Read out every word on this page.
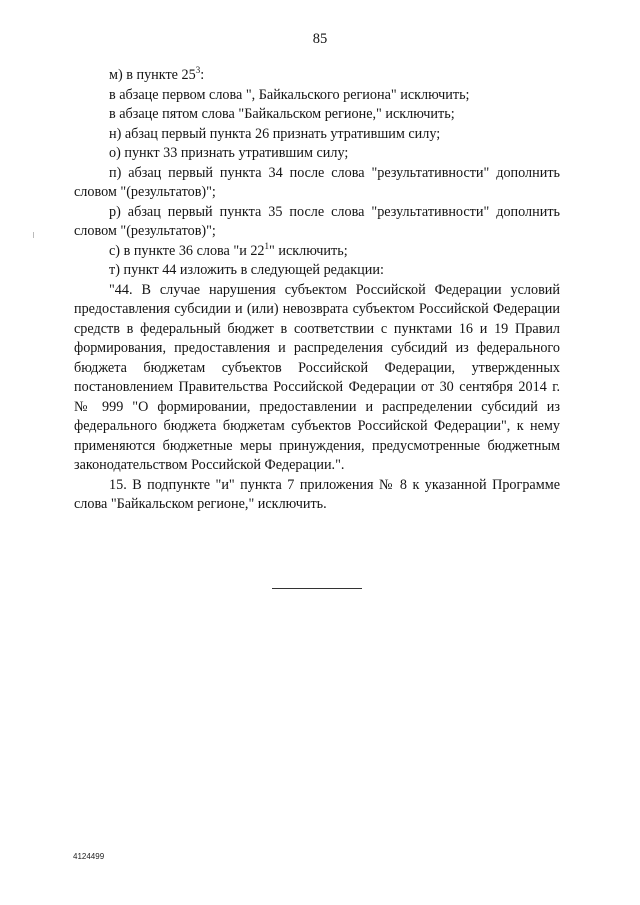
85

м) в пункте $25^3$:

в абзаце первом слова ", Байкальского региона" исключить;

в абзаце пятом слова "Байкальском регионе," исключить;

н) абзац первый пункта 26 признать утратившим силу;

о) пункт 33 признать утратившим силу;

п) абзац первый пункта 34 после слова "результативности" дополнить словом "(результатов)";

р) абзац первый пункта 35 после слова "результативности" дополнить словом "(результатов)";

с) в пункте 36 слова "и $22^1$" исключить;

т) пункт 44 изложить в следующей редакции:

"44. В случае нарушения субъектом Российской Федерации условий предоставления субсидии и (или) невозврата субъектом Российской Федерации средств в федеральный бюджет в соответствии с пунктами 16 и 19 Правил формирования, предоставления и распределения субсидий из федерального бюджета бюджетам субъектов Российской Федерации, утвержденных постановлением Правительства Российской Федерации от 30 сентября 2014 г. № 999 "О формировании, предоставлении и распределении субсидий из федерального бюджета бюджетам субъектов Российской Федерации", к нему применяются бюджетные меры принуждения, предусмотренные бюджетным законодательством Российской Федерации.".

15. В подпункте "и" пункта 7 приложения № 8 к указанной Программе слова "Байкальском регионе," исключить.

4124499
